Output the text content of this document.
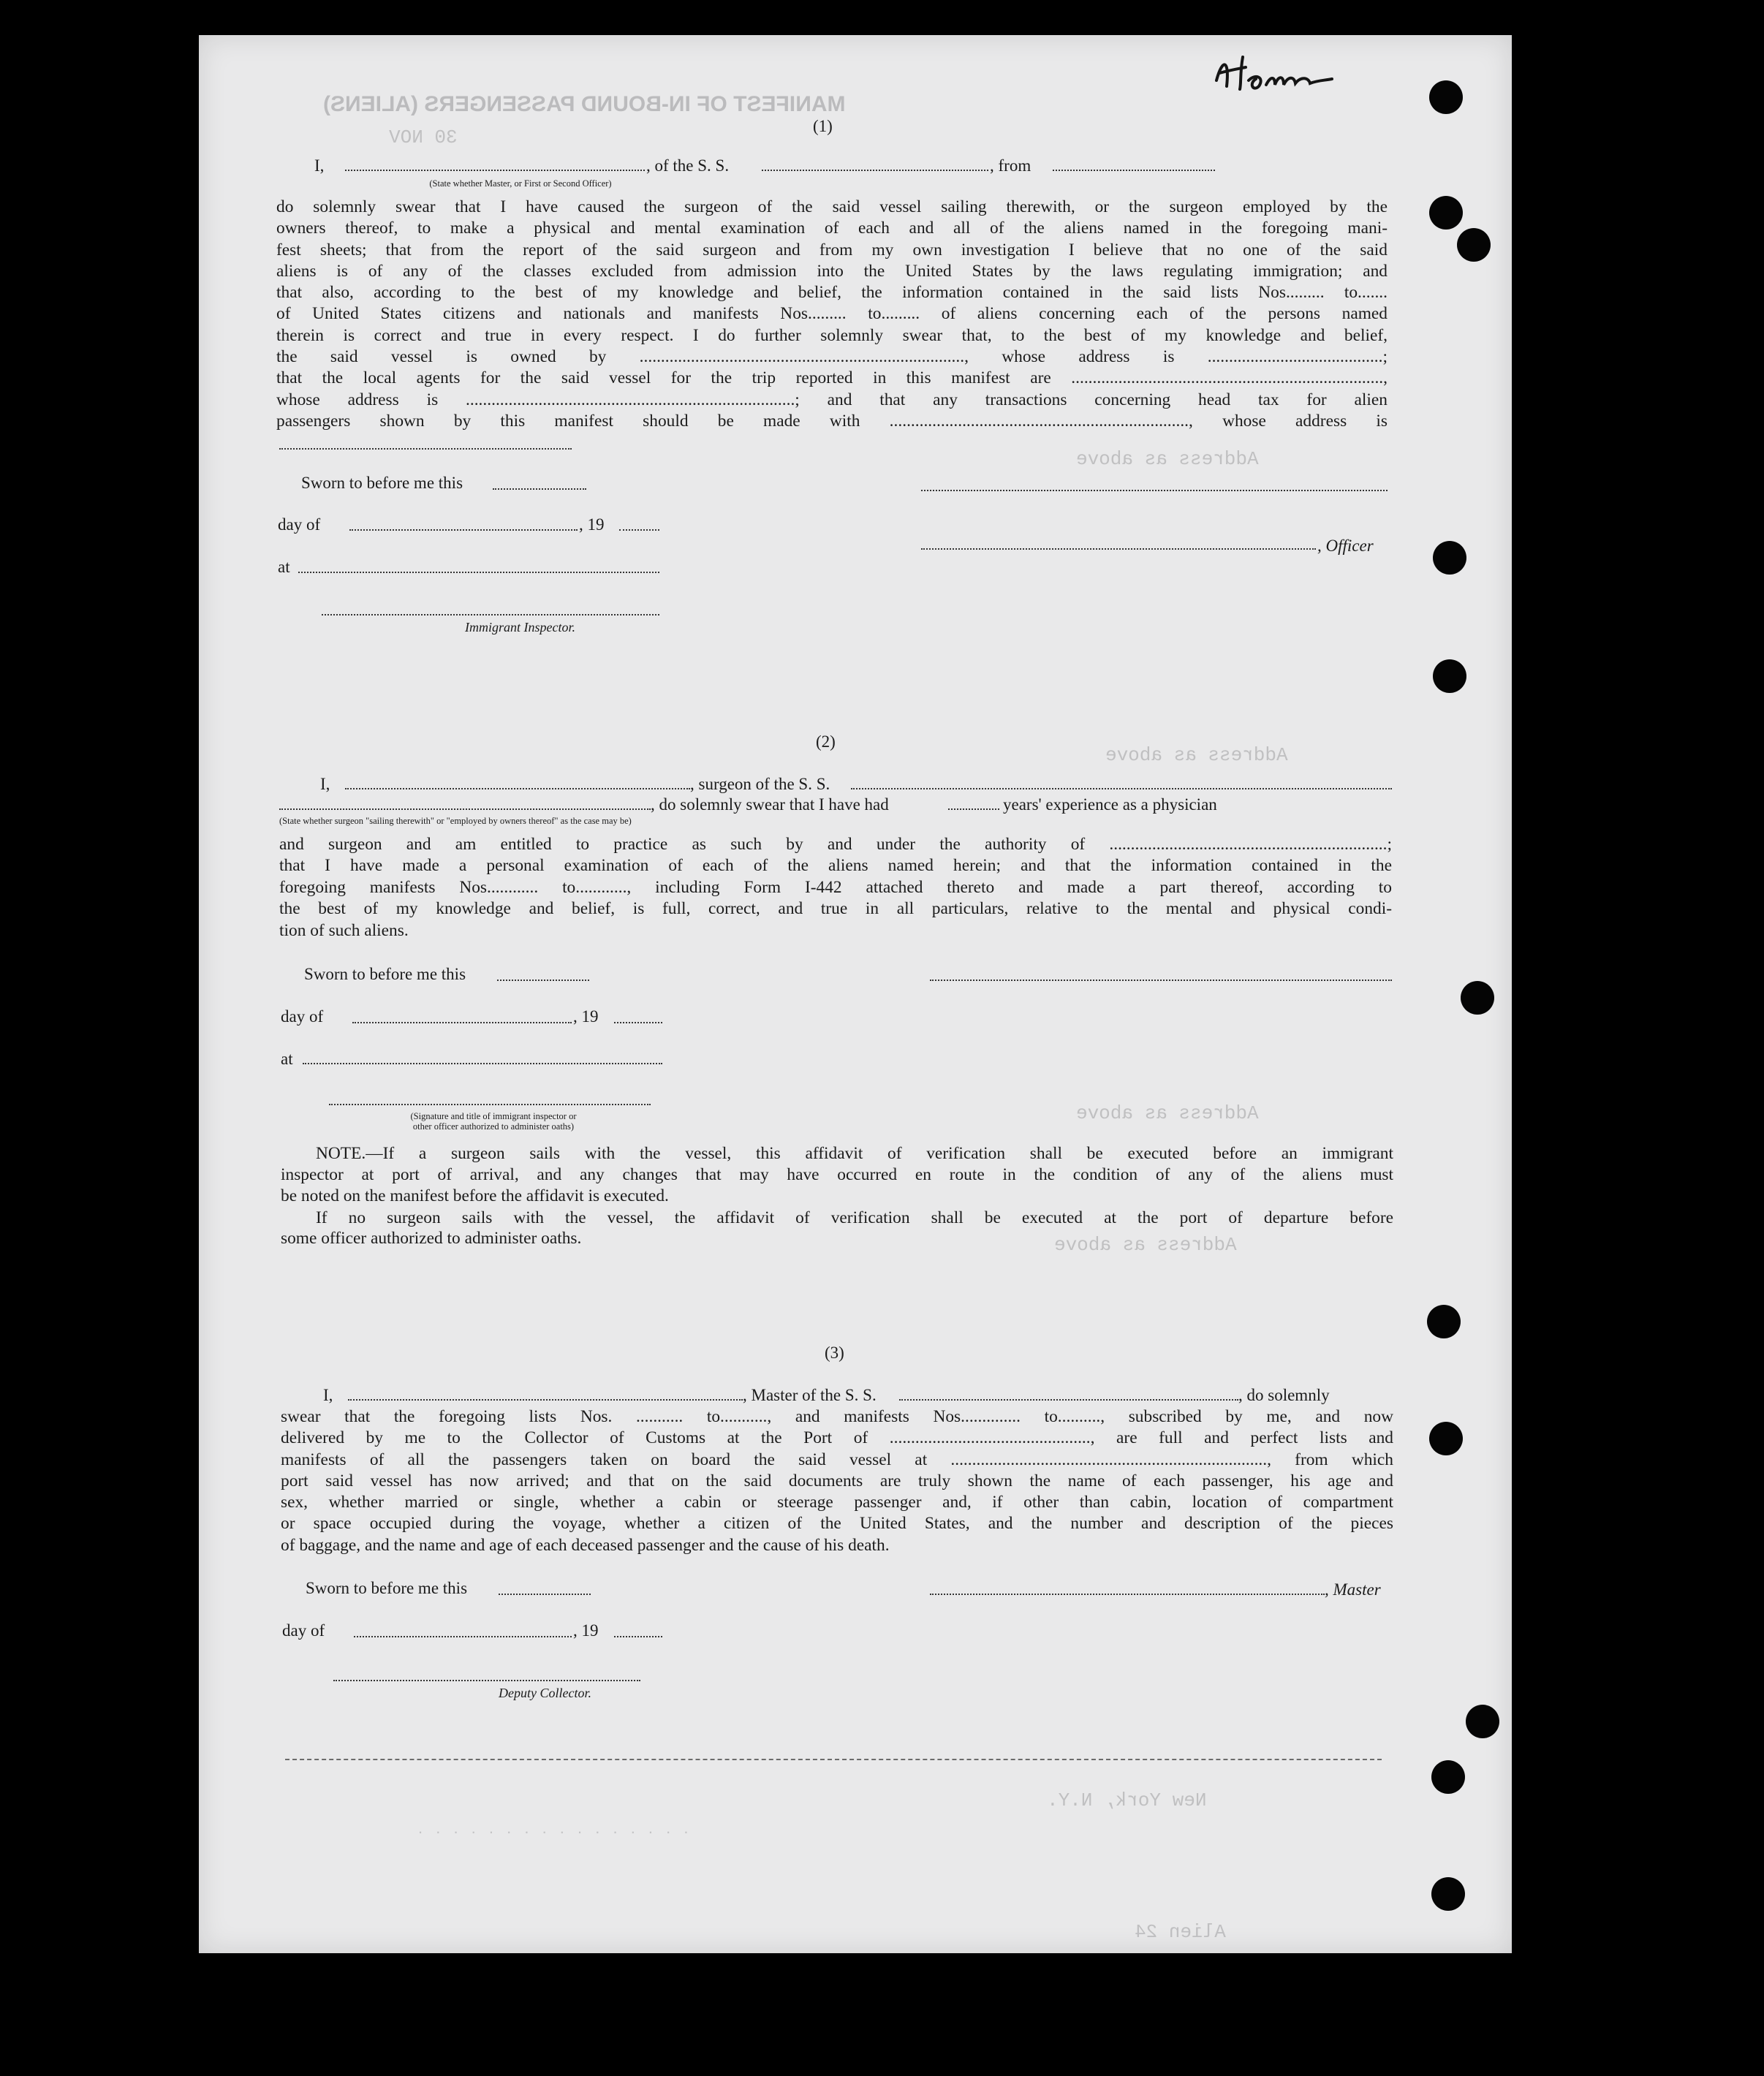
MANIFEST OF IN-BOUND PASSENGERS (ALIENS)
30 NOV
Address as above
Address as above
Address as above
Address as above
New York, N.Y.
Alien 24
(1)
I,	, of the S. S.	, from
(State whether Master, or First or Second Officer)
do solemnly swear that I have caused the surgeon of the said vessel sailing therewith, or the surgeon employed by the
owners thereof, to make a physical and mental examination of each and all of the aliens named in the foregoing mani-
fest sheets; that from the report of the said surgeon and from my own investigation I believe that no one of the said
aliens is of any of the classes excluded from admission into the United States by the laws regulating immigration; and
that also, according to the best of my knowledge and belief, the information contained in the said lists Nos......... to.......
of United States citizens and nationals and manifests Nos......... to......... of aliens concerning each of the persons named
therein is correct and true in every respect. I do further solemnly swear that, to the best of my knowledge and belief,
the said vessel is owned by ............................................................................, whose address is .........................................;
that the local agents for the said vessel for the trip reported in this manifest are .........................................................................,
whose address is .............................................................................; and that any transactions concerning head tax for alien
passengers shown by this manifest should be made with ......................................................................, whose address is
Sworn to before me this
day of	, 19
, Officer
at
Immigrant Inspector.
(2)
I,	, surgeon of the S. S.
, do solemnly swear that I have had	years' experience as a physician
(State whether surgeon "sailing therewith" or "employed by owners thereof" as the case may be)
and surgeon and am entitled to practice as such by and under the authority of .................................................................;
that I have made a personal examination of each of the aliens named herein; and that the information contained in the
foregoing manifests Nos............ to............, including Form I-442 attached thereto and made a part thereof, according to
the best of my knowledge and belief, is full, correct, and true in all particulars, relative to the mental and physical condi-
tion of such aliens.
Sworn to before me this
day of	, 19
at
(Signature and title of immigrant inspector or
other officer authorized to administer oaths)
NOTE.—If a surgeon sails with the vessel, this affidavit of verification shall be executed before an immigrant
inspector at port of arrival, and any changes that may have occurred en route in the condition of any of the aliens must
be noted on the manifest before the affidavit is executed.
If no surgeon sails with the vessel, the affidavit of verification shall be executed at the port of departure before
some officer authorized to administer oaths.
(3)
I,	, Master of the S. S.	, do solemnly
swear that the foregoing lists Nos. ........... to..........., and manifests Nos.............. to.........., subscribed by me, and now
delivered by me to the Collector of Customs at the Port of ..............................................., are full and perfect lists and
manifests of all the passengers taken on board the said vessel at .........................................................................., from which
port said vessel has now arrived; and that on the said documents are truly shown the name of each passenger, his age and
sex, whether married or single, whether a cabin or steerage passenger and, if other than cabin, location of compartment
or space occupied during the voyage, whether a citizen of the United States, and the number and description of the pieces
of baggage, and the name and age of each deceased passenger and the cause of his death.
Sworn to before me this	, Master
day of	, 19
Deputy Collector.
. . . . . . . . . . . . . . . .
